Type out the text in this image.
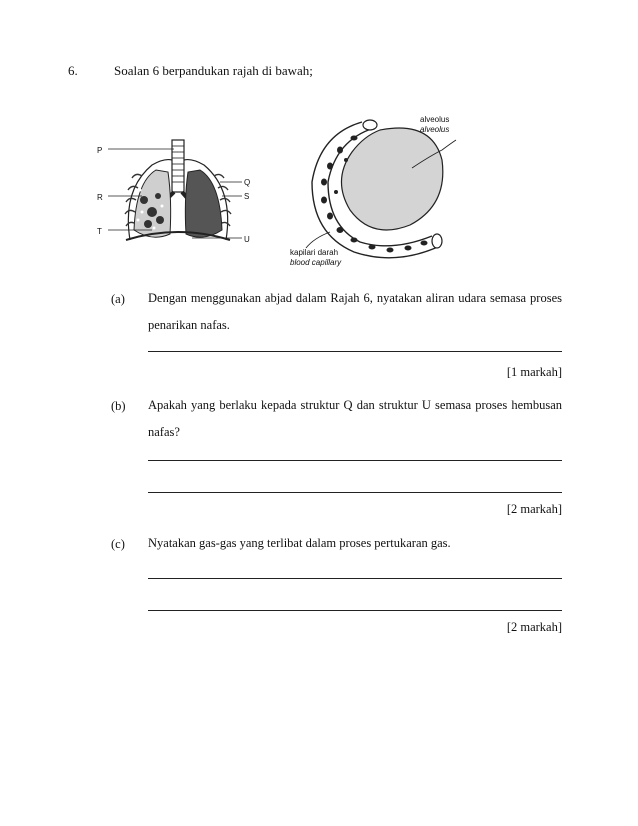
6.	Soalan 6 berpandukan rajah di bawah;
P
R
T
Q
S
U
alveolus
alveolus
kapilari darah
blood capillary
(a) Dengan menggunakan abjad dalam Rajah 6, nyatakan aliran udara semasa proses penarikan nafas.
[1 markah]
(b) Apakah yang berlaku kepada struktur Q dan struktur U semasa proses hembusan nafas?
[2 markah]
(c) Nyatakan gas-gas yang terlibat dalam proses pertukaran gas.
[2 markah]
